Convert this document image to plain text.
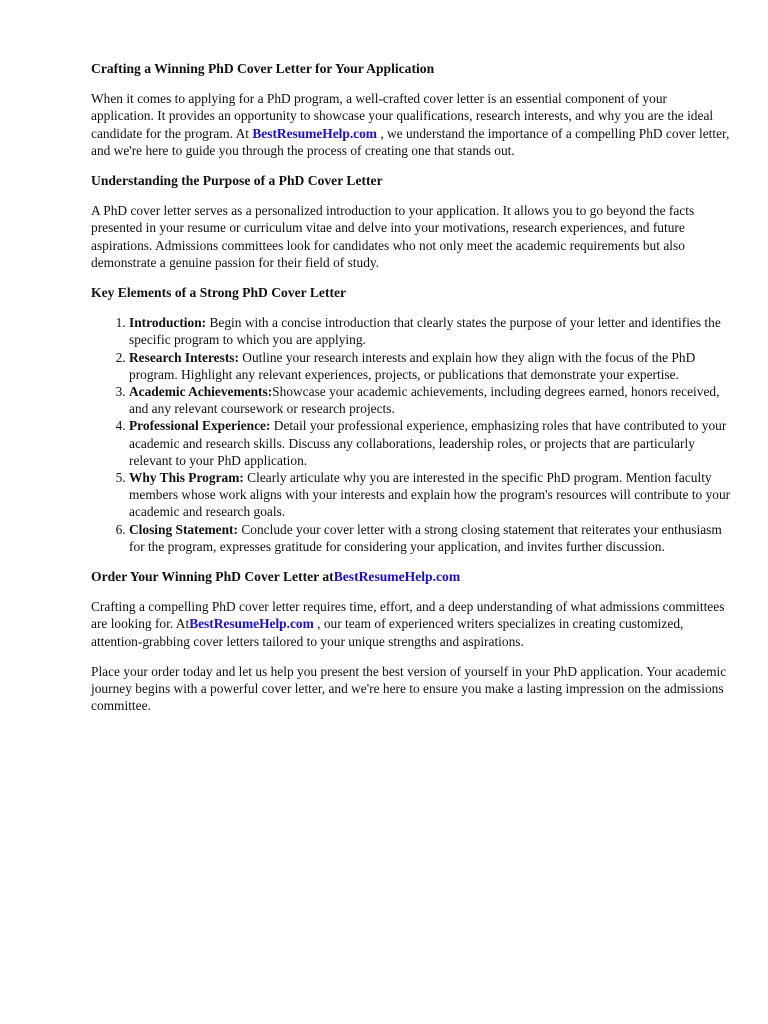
Crafting a Winning PhD Cover Letter for Your Application

When it comes to applying for a PhD program, a well-crafted cover letter is an essential component of your application. It provides an opportunity to showcase your qualifications, research interests, and why you are the ideal candidate for the program. At BestResumeHelp.com , we understand the importance of a compelling PhD cover letter, and we're here to guide you through the process of creating one that stands out.

Understanding the Purpose of a PhD Cover Letter

A PhD cover letter serves as a personalized introduction to your application. It allows you to go beyond the facts presented in your resume or curriculum vitae and delve into your motivations, research experiences, and future aspirations. Admissions committees look for candidates who not only meet the academic requirements but also demonstrate a genuine passion for their field of study.

Key Elements of a Strong PhD Cover Letter
1. Introduction: Begin with a concise introduction that clearly states the purpose of your letter and identifies the specific program to which you are applying.
2. Research Interests: Outline your research interests and explain how they align with the focus of the PhD program. Highlight any relevant experiences, projects, or publications that demonstrate your expertise.
3. Academic Achievements:Showcase your academic achievements, including degrees earned, honors received, and any relevant coursework or research projects.
4. Professional Experience: Detail your professional experience, emphasizing roles that have contributed to your academic and research skills. Discuss any collaborations, leadership roles, or projects that are particularly relevant to your PhD application.
5. Why This Program: Clearly articulate why you are interested in the specific PhD program. Mention faculty members whose work aligns with your interests and explain how the program's resources will contribute to your academic and research goals.
6. Closing Statement: Conclude your cover letter with a strong closing statement that reiterates your enthusiasm for the program, expresses gratitude for considering your application, and invites further discussion.
Order Your Winning PhD Cover Letter atBestResumeHelp.com

Crafting a compelling PhD cover letter requires time, effort, and a deep understanding of what admissions committees are looking for. AtBestResumeHelp.com , our team of experienced writers specializes in creating customized, attention-grabbing cover letters tailored to your unique strengths and aspirations.

Place your order today and let us help you present the best version of yourself in your PhD application. Your academic journey begins with a powerful cover letter, and we're here to ensure you make a lasting impression on the admissions committee.
